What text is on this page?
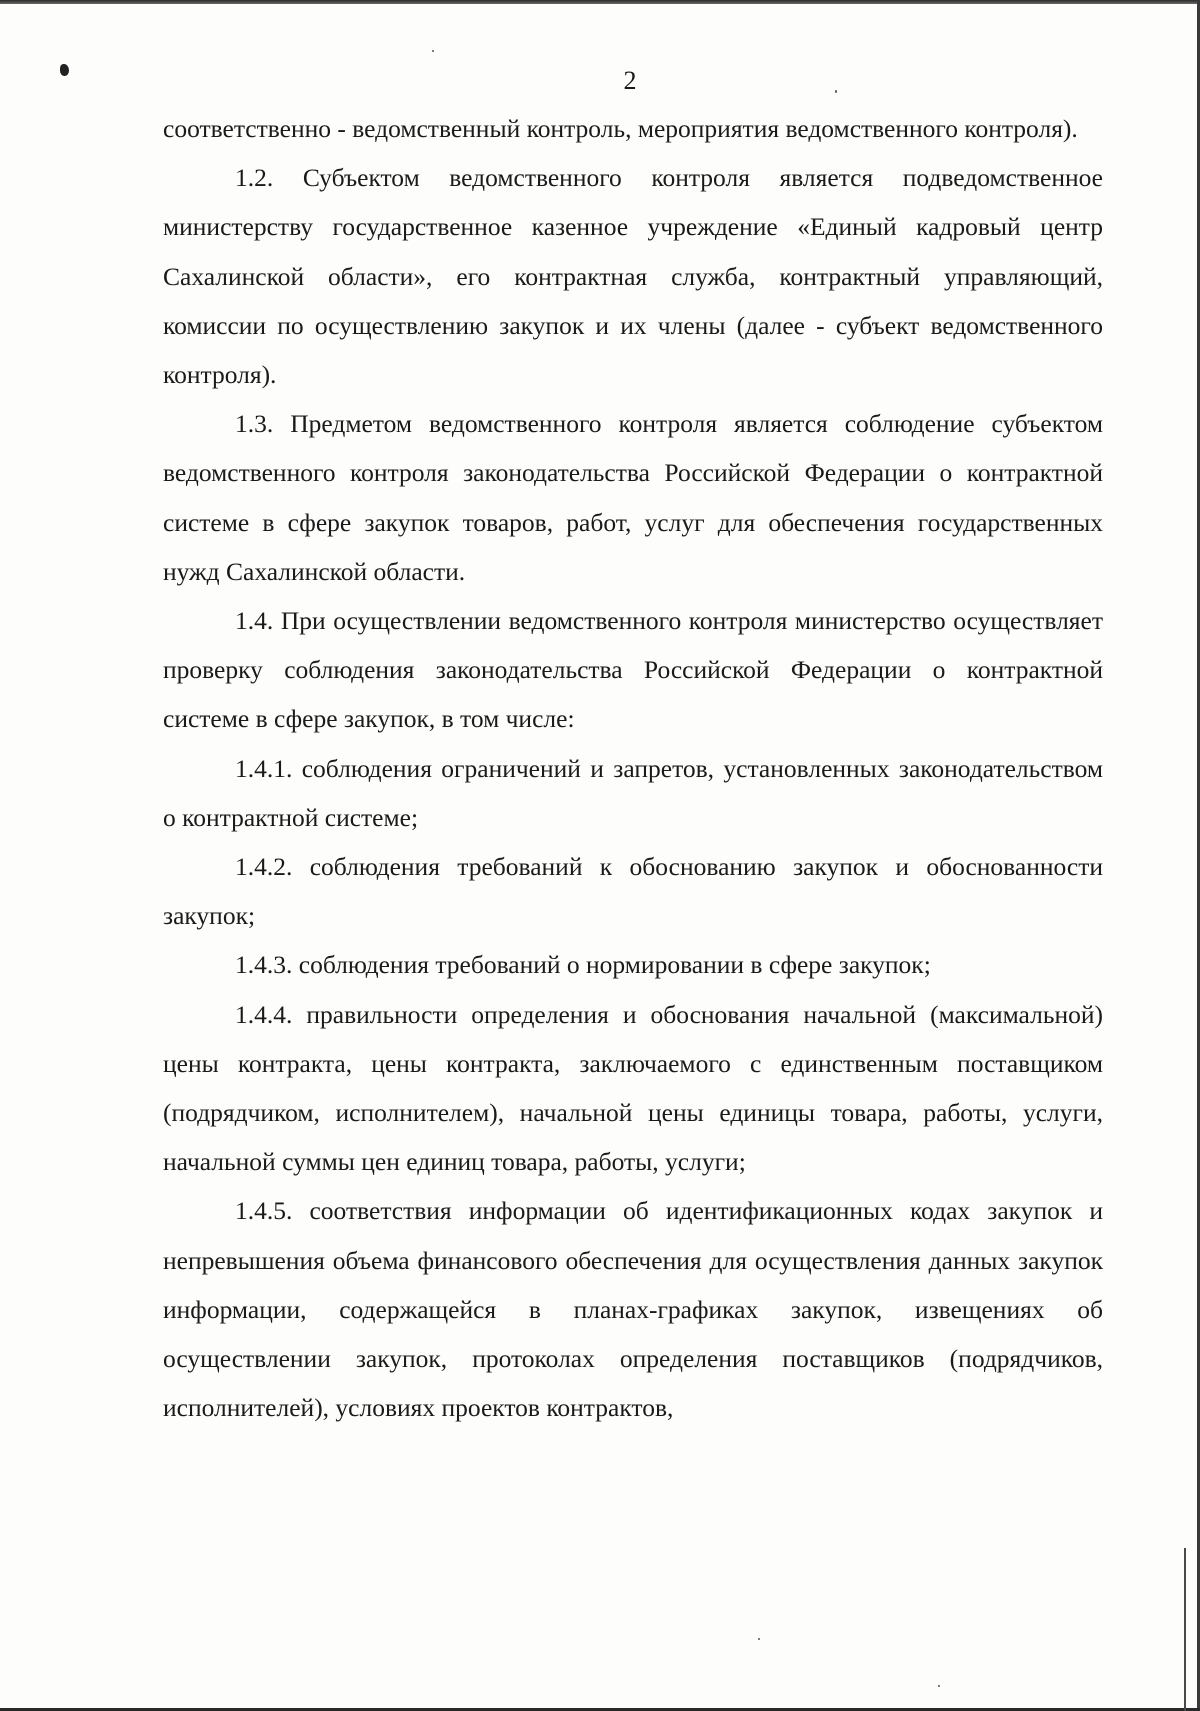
2

соответственно - ведомственный контроль, мероприятия ведомственного контроля).

1.2. Субъектом ведомственного контроля является подведомственное министерству государственное казенное учреждение «Единый кадровый центр Сахалинской области», его контрактная служба, контрактный управляющий, комиссии по осуществлению закупок и их члены (далее - субъект ведомственного контроля).

1.3. Предметом ведомственного контроля является соблюдение субъектом ведомственного контроля законодательства Российской Федерации о контрактной системе в сфере закупок товаров, работ, услуг для обеспечения государственных нужд Сахалинской области.

1.4. При осуществлении ведомственного контроля министерство осуществляет проверку соблюдения законодательства Российской Федерации о контрактной системе в сфере закупок, в том числе:

1.4.1. соблюдения ограничений и запретов, установленных законодательством о контрактной системе;

1.4.2. соблюдения требований к обоснованию закупок и обоснованности закупок;

1.4.3. соблюдения требований о нормировании в сфере закупок;

1.4.4. правильности определения и обоснования начальной (максимальной) цены контракта, цены контракта, заключаемого с единственным поставщиком (подрядчиком, исполнителем), начальной цены единицы товара, работы, услуги, начальной суммы цен единиц товара, работы, услуги;

1.4.5. соответствия информации об идентификационных кодах закупок и непревышения объема финансового обеспечения для осуществления данных закупок информации, содержащейся в планах-графиках закупок, извещениях об осуществлении закупок, протоколах определения поставщиков (подрядчиков, исполнителей), условиях проектов контрактов,
